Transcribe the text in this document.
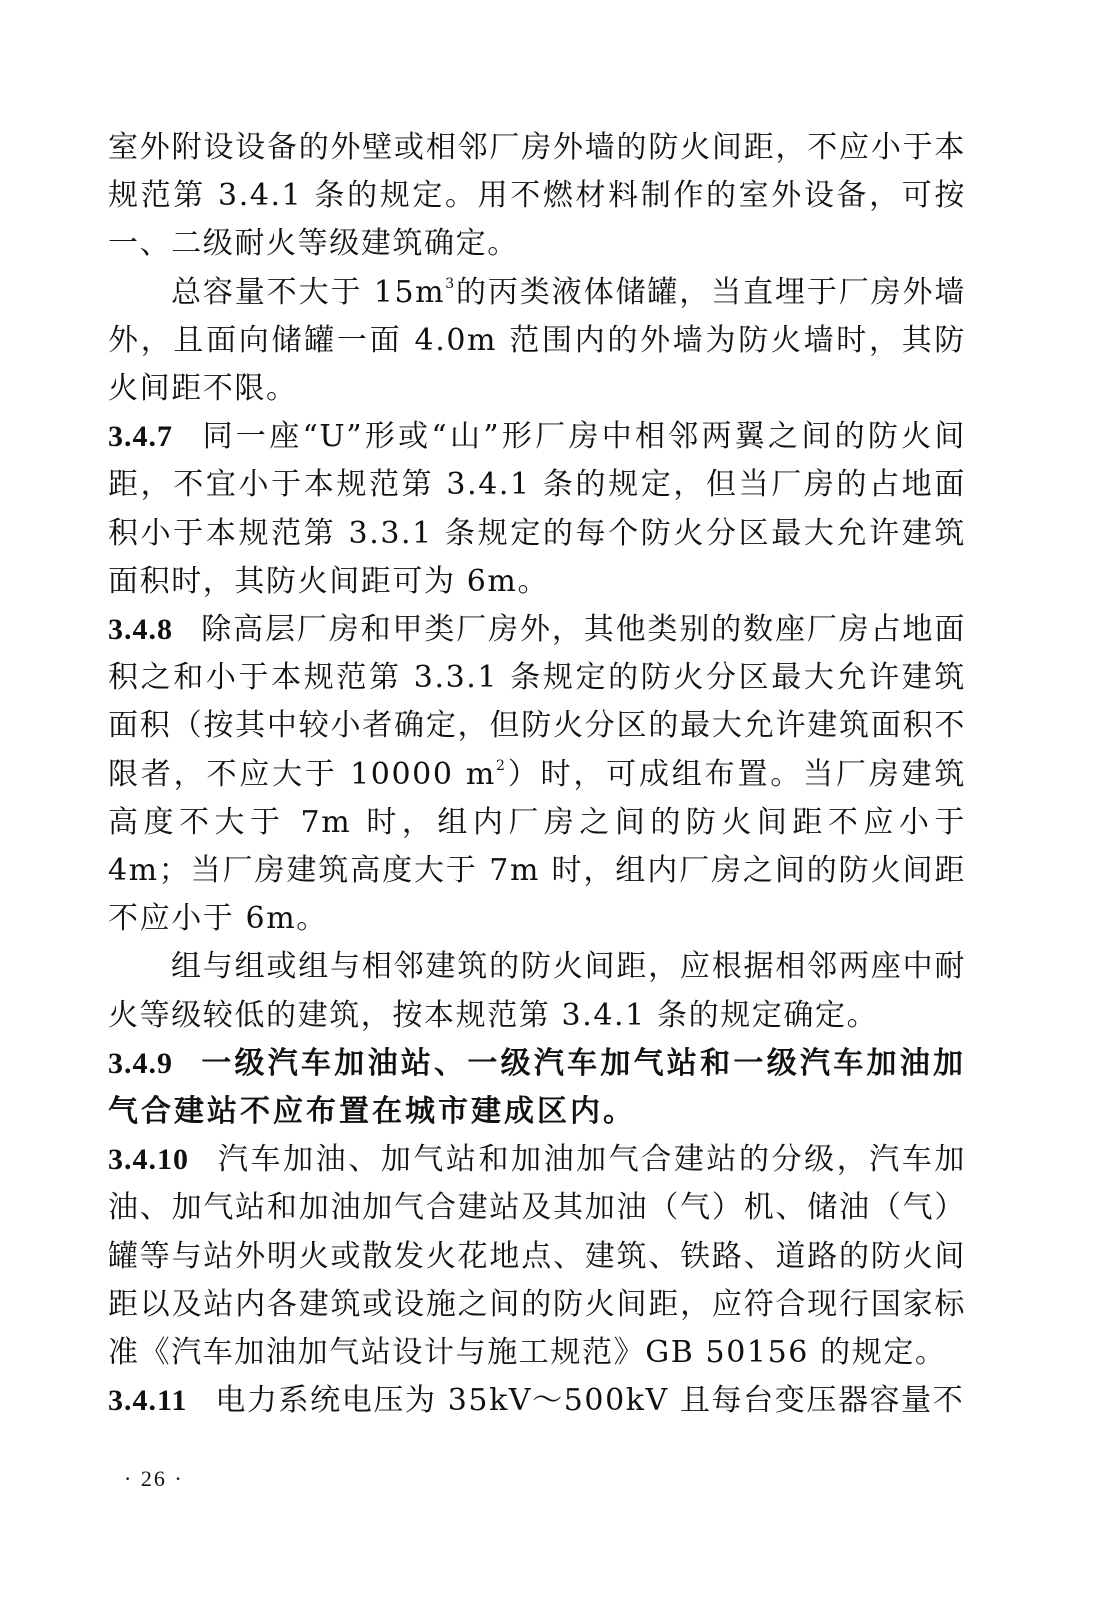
室外附设设备的外壁或相邻厂房外墙的防火间距，不应小于本规范第 3.4.1 条的规定。用不燃材料制作的室外设备，可按一、二级耐火等级建筑确定。

总容量不大于 $15m^3$的丙类液体储罐，当直埋于厂房外墙外，且面向储罐一面 4.0m 范围内的外墙为防火墙时，其防火间距不限。

3.4.7 同一座“U”形或“山”形厂房中相邻两翼之间的防火间距，不宜小于本规范第 3.4.1 条的规定，但当厂房的占地面积小于本规范第 3.3.1 条规定的每个防火分区最大允许建筑面积时，其防火间距可为 6m。

3.4.8 除高层厂房和甲类厂房外，其他类别的数座厂房占地面积之和小于本规范第 3.3.1 条规定的防火分区最大允许建筑面积（按其中较小者确定，但防火分区的最大允许建筑面积不限者，不应大于 10000 $m^2$）时，可成组布置。当厂房建筑高度不大于 7m 时，组内厂房之间的防火间距不应小于 4m；当厂房建筑高度大于 7m 时，组内厂房之间的防火间距不应小于 6m。

组与组或组与相邻建筑的防火间距，应根据相邻两座中耐火等级较低的建筑，按本规范第 3.4.1 条的规定确定。

3.4.9 一级汽车加油站、一级汽车加气站和一级汽车加油加气合建站不应布置在城市建成区内。

3.4.10 汽车加油、加气站和加油加气合建站的分级，汽车加油、加气站和加油加气合建站及其加油（气）机、储油（气）罐等与站外明火或散发火花地点、建筑、铁路、道路的防火间距以及站内各建筑或设施之间的防火间距，应符合现行国家标准《汽车加油加气站设计与施工规范》GB 50156 的规定。

3.4.11 电力系统电压为 35kV～500kV 且每台变压器容量不

· 26 ·
